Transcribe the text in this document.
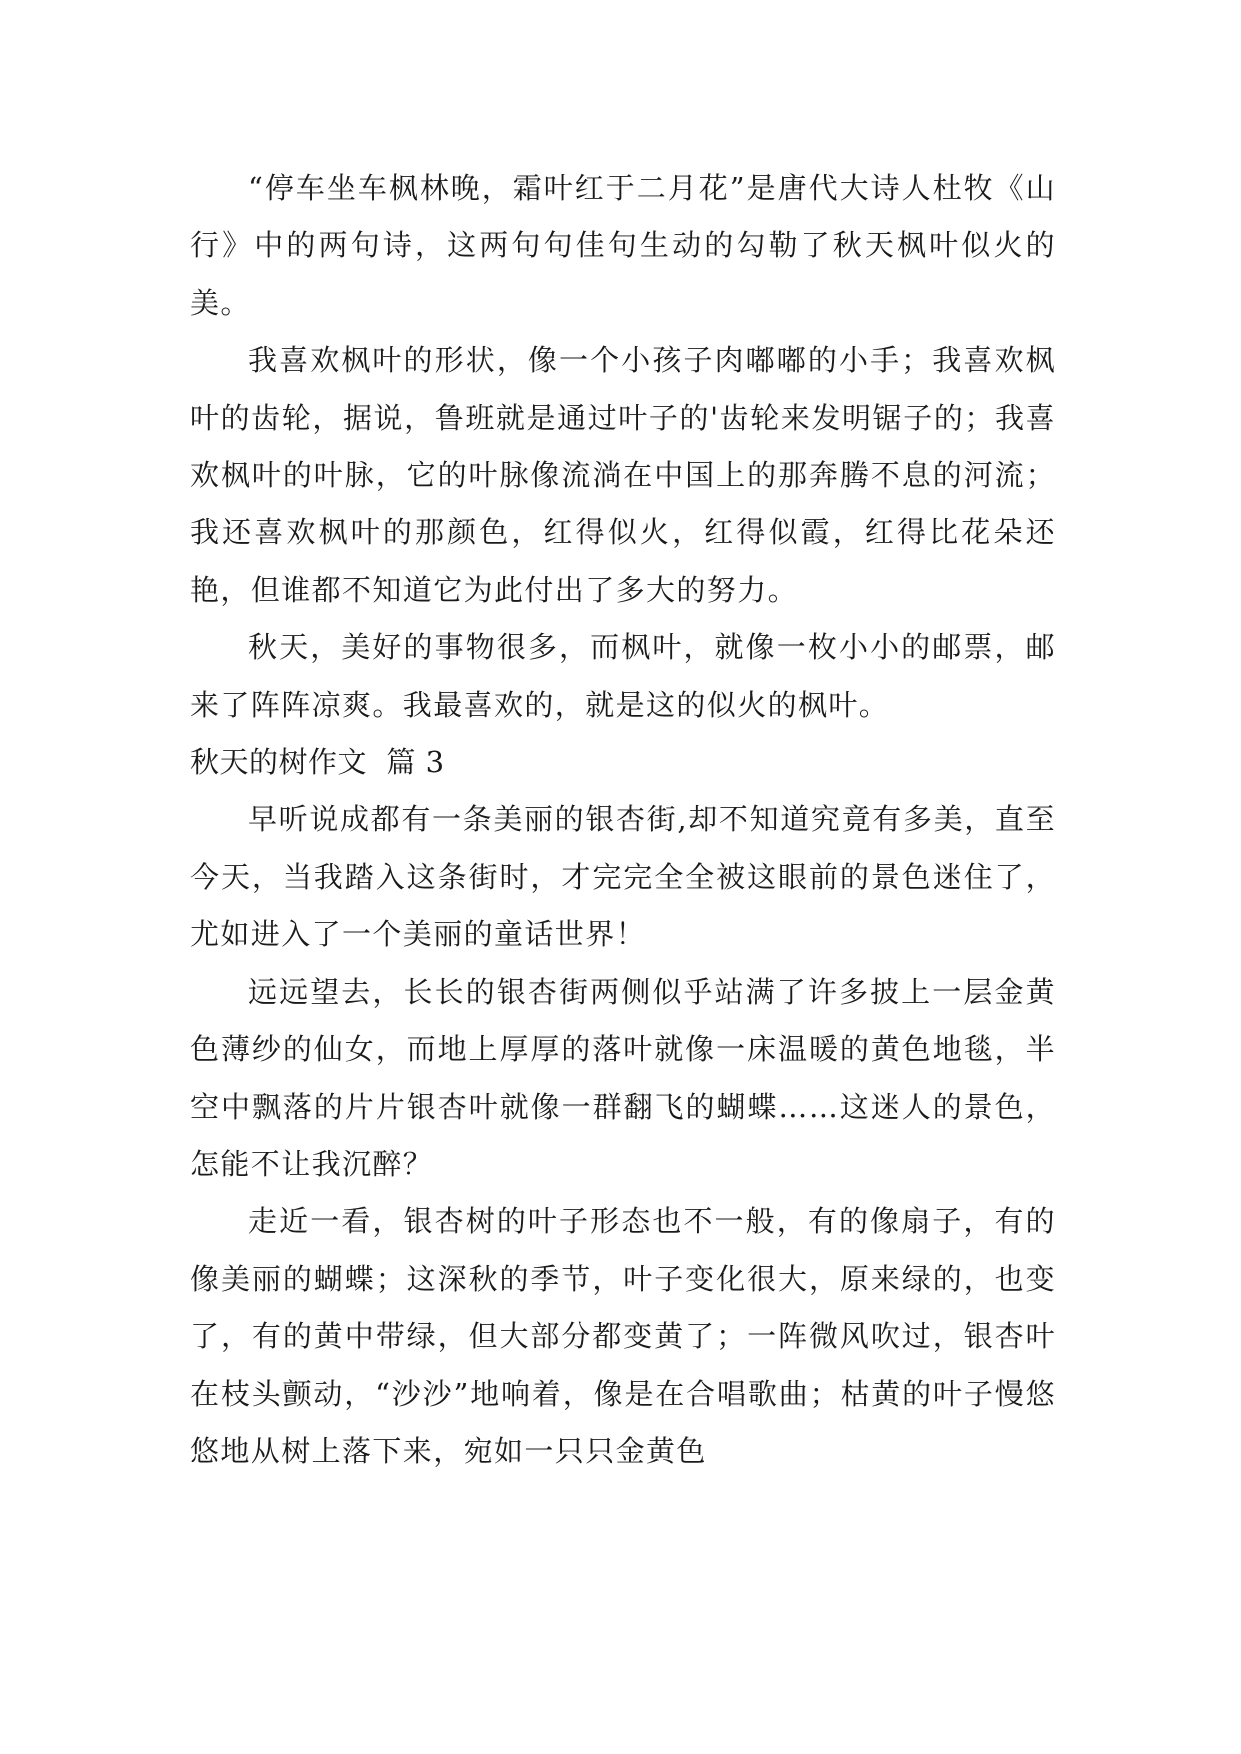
“停车坐车枫林晚，霜叶红于二月花”是唐代大诗人杜牧《山行》中的两句诗，这两句句佳句生动的勾勒了秋天枫叶似火的美。

我喜欢枫叶的形状，像一个小孩子肉嘟嘟的小手；我喜欢枫叶的齿轮，据说，鲁班就是通过叶子的'齿轮来发明锯子的；我喜欢枫叶的叶脉，它的叶脉像流淌在中国上的那奔腾不息的河流；我还喜欢枫叶的那颜色，红得似火，红得似霞，红得比花朵还艳，但谁都不知道它为此付出了多大的努力。

秋天，美好的事物很多，而枫叶，就像一枚小小的邮票，邮来了阵阵凉爽。我最喜欢的，就是这的似火的枫叶。

秋天的树作文  篇 3

早听说成都有一条美丽的银杏街,却不知道究竟有多美，直至今天，当我踏入这条街时，才完完全全被这眼前的景色迷住了，尤如进入了一个美丽的童话世界！

远远望去，长长的银杏街两侧似乎站满了许多披上一层金黄色薄纱的仙女，而地上厚厚的落叶就像一床温暖的黄色地毯，半空中飘落的片片银杏叶就像一群翻飞的蝴蝶……这迷人的景色，怎能不让我沉醉？

走近一看，银杏树的叶子形态也不一般，有的像扇子，有的像美丽的蝴蝶；这深秋的季节，叶子变化很大，原来绿的，也变了，有的黄中带绿，但大部分都变黄了；一阵微风吹过，银杏叶在枝头颤动，“沙沙”地响着，像是在合唱歌曲；枯黄的叶子慢悠悠地从树上落下来，宛如一只只金黄色
